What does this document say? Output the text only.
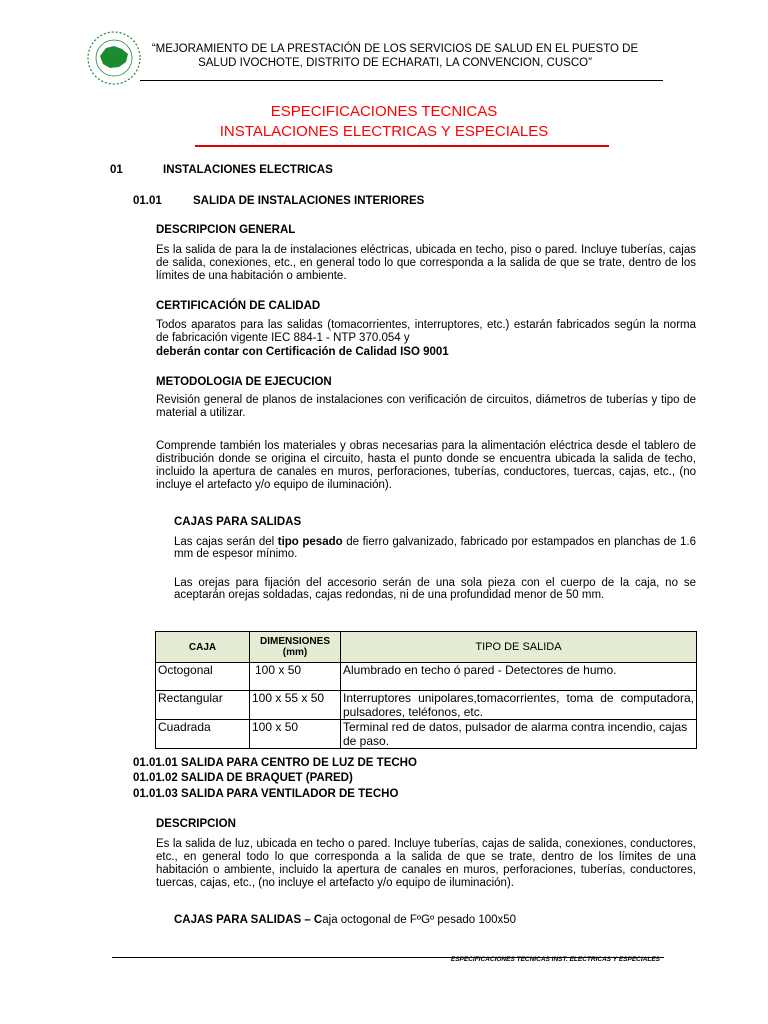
“MEJORAMIENTO DE LA PRESTACIÓN DE LOS SERVICIOS DE SALUD EN EL PUESTO DE
SALUD IVOCHOTE, DISTRITO DE ECHARATI, LA CONVENCION, CUSCO”
ESPECIFICACIONES TECNICAS
INSTALACIONES ELECTRICAS Y ESPECIALES
01	INSTALACIONES ELECTRICAS
01.01	SALIDA DE INSTALACIONES INTERIORES
DESCRIPCION GENERAL
Es la salida de para la de instalaciones eléctricas, ubicada en techo, piso o pared. Incluye tuberías, cajas de salida, conexiones, etc., en general todo lo que corresponda a la salida de que se trate, dentro de los límites de una habitación o ambiente.
CERTIFICACIÓN DE CALIDAD
Todos aparatos para las salidas (tomacorrientes, interruptores, etc.) estarán fabricados según la norma de fabricación vigente IEC 884-1 - NTP 370.054 y
deberán contar con Certificación de Calidad ISO 9001
METODOLOGIA DE EJECUCION
Revisión general de planos de instalaciones con verificación de circuitos, diámetros de tuberías y tipo de material a utilizar.
Comprende también los materiales y obras necesarias para la alimentación eléctrica desde el tablero de distribución donde se origina el circuito, hasta el punto donde se encuentra ubicada la salida de techo, incluido la apertura de canales en muros, perforaciones, tuberías, conductores, tuercas, cajas, etc., (no incluye el artefacto y/o equipo de iluminación).
CAJAS PARA SALIDAS
Las cajas serán del tipo pesado de fierro galvanizado, fabricado por estampados en planchas de 1.6 mm de espesor mínimo.
Las orejas para fijación del accesorio serán de una sola pieza con el cuerpo de la caja, no se aceptarán orejas soldadas, cajas redondas, ni de una profundidad menor de 50 mm.
CAJA	DIMENSIONES (mm)	TIPO DE SALIDA
Octogonal	100 x 50	Alumbrado en techo ó pared - Detectores de humo.
Rectangular	100 x 55 x 50	Interruptores unipolares,tomacorrientes, toma de computadora, pulsadores, teléfonos, etc.
Cuadrada	100 x 50	Terminal red de datos, pulsador de alarma contra incendio, cajas de paso.
01.01.01 SALIDA PARA CENTRO DE LUZ DE TECHO
01.01.02 SALIDA DE BRAQUET (PARED)
01.01.03 SALIDA PARA VENTILADOR DE TECHO
DESCRIPCION
Es la salida de luz, ubicada en techo o pared. Incluye tuberías, cajas de salida, conexiones, conductores, etc., en general todo lo que corresponda a la salida de que se trate, dentro de los límites de una habitación o ambiente, incluido la apertura de canales en muros, perforaciones, tuberías, conductores, tuercas, cajas, etc., (no incluye el artefacto y/o equipo de iluminación).
CAJAS PARA SALIDAS – Caja octogonal de FºGº pesado 100x50
ESPECIFICACIONES TECNICAS INST. ELECTRICAS Y ESPECIALES
